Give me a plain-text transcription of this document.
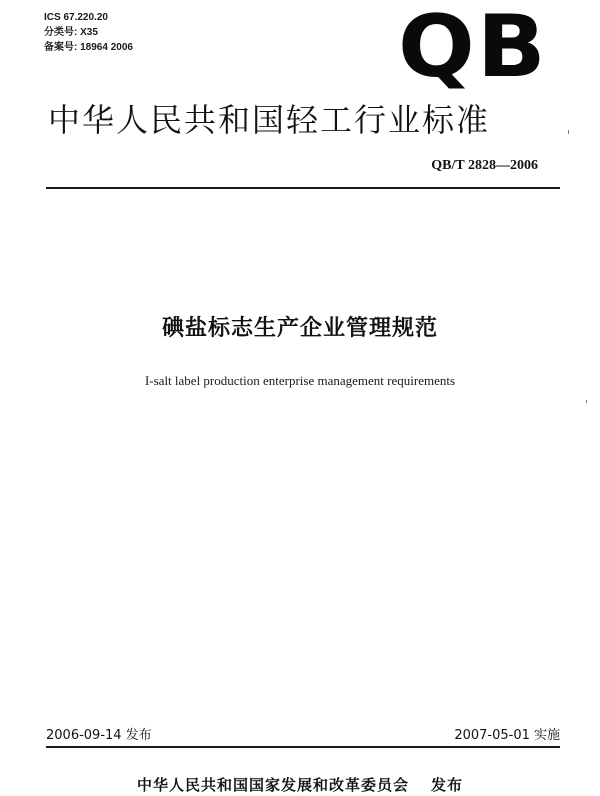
ICS 67.220.20
分类号: X35
备案号: 18964 2006	QB
中华人民共和国轻工行业标准
QB/T 2828—2006
碘盐标志生产企业管理规范
I-salt label production enterprise management requirements
2006-09-14 发布	2007-05-01 实施
中华人民共和国国家发展和改革委员会 发布
